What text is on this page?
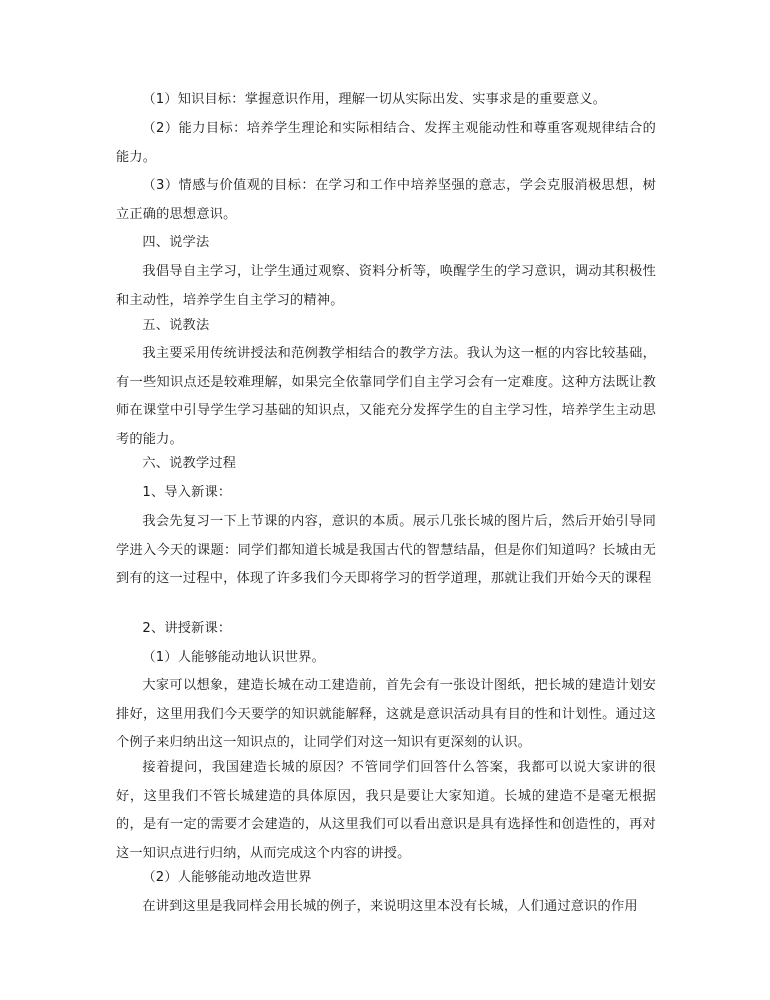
（1）知识目标：掌握意识作用，理解一切从实际出发、实事求是的重要意义。

（2）能力目标：培养学生理论和实际相结合、发挥主观能动性和尊重客观规律结合的能力。

（3）情感与价值观的目标：在学习和工作中培养坚强的意志，学会克服消极思想，树立正确的思想意识。

四、说学法

我倡导自主学习，让学生通过观察、资料分析等，唤醒学生的学习意识，调动其积极性和主动性，培养学生自主学习的精神。

五、说教法

我主要采用传统讲授法和范例教学相结合的教学方法。我认为这一框的内容比较基础，有一些知识点还是较难理解，如果完全依靠同学们自主学习会有一定难度。这种方法既让教师在课堂中引导学生学习基础的知识点，又能充分发挥学生的自主学习性，培养学生主动思考的能力。

六、说教学过程

1、导入新课：

我会先复习一下上节课的内容，意识的本质。展示几张长城的图片后，然后开始引导同学进入今天的课题：同学们都知道长城是我国古代的智慧结晶，但是你们知道吗？长城由无到有的这一过程中，体现了许多我们今天即将学习的哲学道理，那就让我们开始今天的课程

2、讲授新课：

（1）人能够能动地认识世界。

大家可以想象，建造长城在动工建造前，首先会有一张设计图纸，把长城的建造计划安排好，这里用我们今天要学的知识就能解释，这就是意识活动具有目的性和计划性。通过这个例子来归纳出这一知识点的，让同学们对这一知识有更深刻的认识。

接着提问，我国建造长城的原因？不管同学们回答什么答案，我都可以说大家讲的很好，这里我们不管长城建造的具体原因，我只是要让大家知道。长城的建造不是毫无根据的，是有一定的需要才会建造的，从这里我们可以看出意识是具有选择性和创造性的，再对这一知识点进行归纳，从而完成这个内容的讲授。

（2）人能够能动地改造世界

在讲到这里是我同样会用长城的例子，来说明这里本没有长城，人们通过意识的作用
